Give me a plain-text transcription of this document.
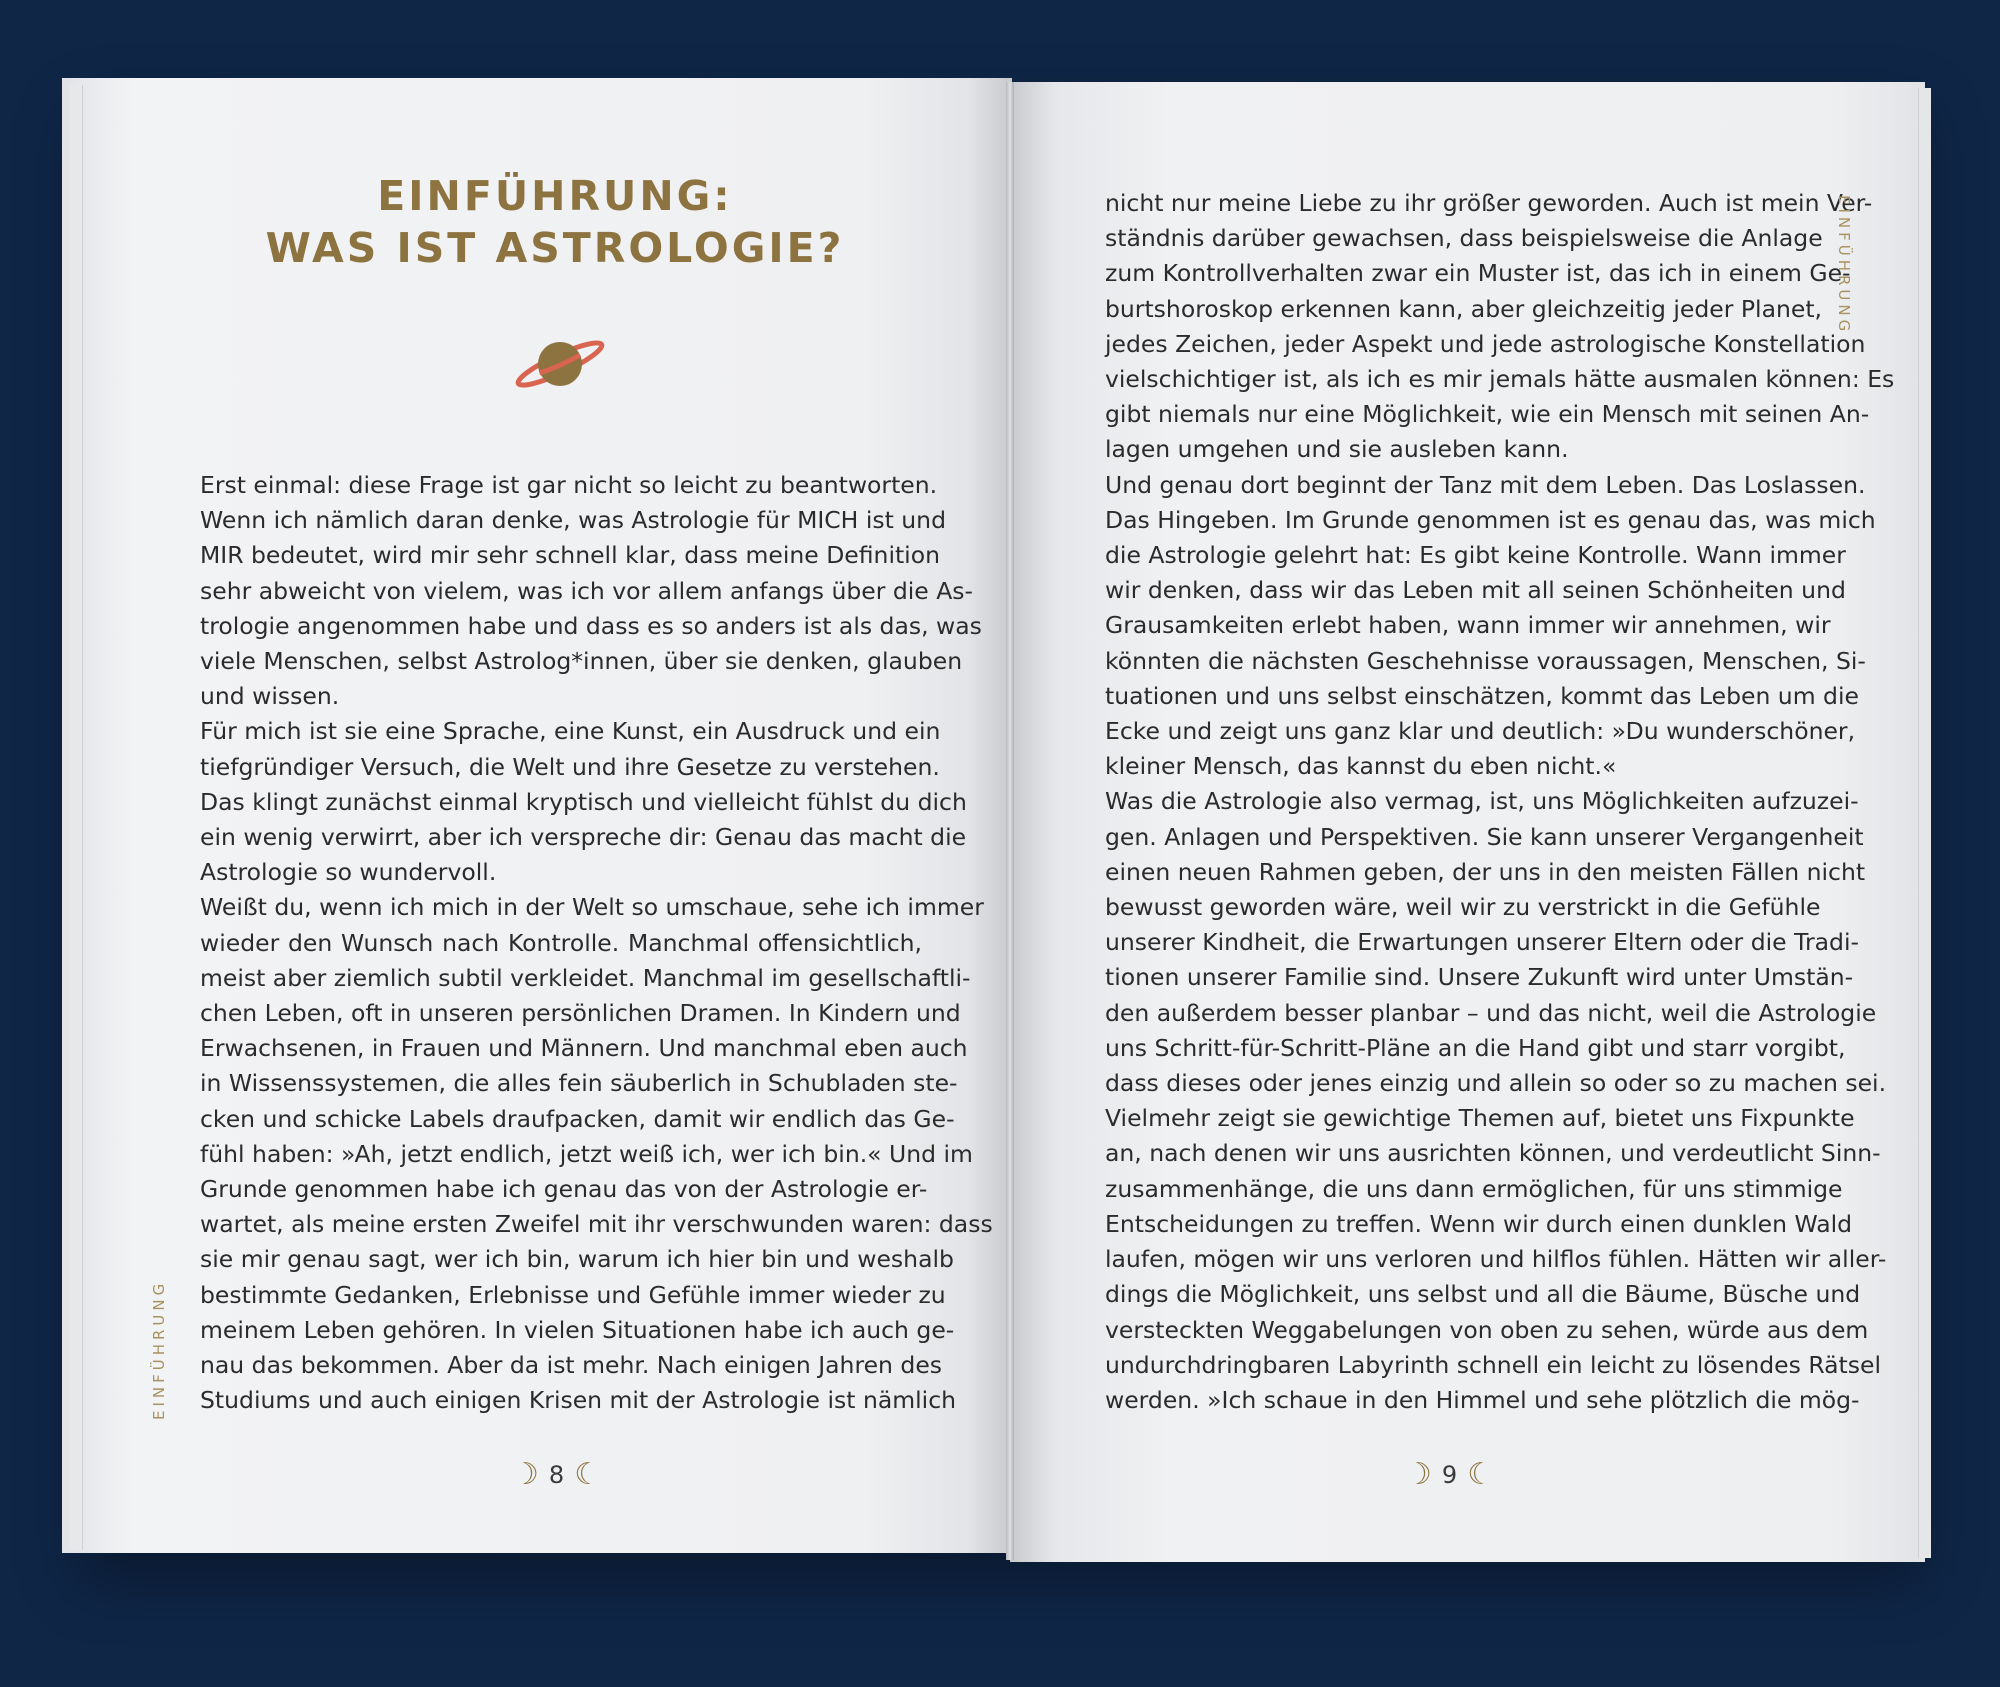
EINFÜHRUNG:
WAS IST ASTROLOGIE?
Erst einmal: diese Frage ist gar nicht so leicht zu beantworten.
Wenn ich nämlich daran denke, was Astrologie für MICH ist und
MIR bedeutet, wird mir sehr schnell klar, dass meine Definition
sehr abweicht von vielem, was ich vor allem anfangs über die As-
trologie angenommen habe und dass es so anders ist als das, was
viele Menschen, selbst Astrolog*innen, über sie denken, glauben
und wissen.
Für mich ist sie eine Sprache, eine Kunst, ein Ausdruck und ein
tiefgründiger Versuch, die Welt und ihre Gesetze zu verstehen.
Das klingt zunächst einmal kryptisch und vielleicht fühlst du dich
ein wenig verwirrt, aber ich verspreche dir: Genau das macht die
Astrologie so wundervoll.
Weißt du, wenn ich mich in der Welt so umschaue, sehe ich immer
wieder den Wunsch nach Kontrolle. Manchmal offensichtlich,
meist aber ziemlich subtil verkleidet. Manchmal im gesellschaftli-
chen Leben, oft in unseren persönlichen Dramen. In Kindern und
Erwachsenen, in Frauen und Männern. Und manchmal eben auch
in Wissenssystemen, die alles fein säuberlich in Schubladen ste-
cken und schicke Labels draufpacken, damit wir endlich das Ge-
fühl haben: »Ah, jetzt endlich, jetzt weiß ich, wer ich bin.« Und im
Grunde genommen habe ich genau das von der Astrologie er-
wartet, als meine ersten Zweifel mit ihr verschwunden waren: dass
sie mir genau sagt, wer ich bin, warum ich hier bin und weshalb
bestimmte Gedanken, Erlebnisse und Gefühle immer wieder zu
meinem Leben gehören. In vielen Situationen habe ich auch ge-
nau das bekommen. Aber da ist mehr. Nach einigen Jahren des
Studiums und auch einigen Krisen mit der Astrologie ist nämlich
nicht nur meine Liebe zu ihr größer geworden. Auch ist mein Ver-
ständnis darüber gewachsen, dass beispielsweise die Anlage
zum Kontrollverhalten zwar ein Muster ist, das ich in einem Ge-
burtshoroskop erkennen kann, aber gleichzeitig jeder Planet,
jedes Zeichen, jeder Aspekt und jede astrologische Konstellation
vielschichtiger ist, als ich es mir jemals hätte ausmalen können: Es
gibt niemals nur eine Möglichkeit, wie ein Mensch mit seinen An-
lagen umgehen und sie ausleben kann.
Und genau dort beginnt der Tanz mit dem Leben. Das Loslassen.
Das Hingeben. Im Grunde genommen ist es genau das, was mich
die Astrologie gelehrt hat: Es gibt keine Kontrolle. Wann immer
wir denken, dass wir das Leben mit all seinen Schönheiten und
Grausamkeiten erlebt haben, wann immer wir annehmen, wir
könnten die nächsten Geschehnisse voraussagen, Menschen, Si-
tuationen und uns selbst einschätzen, kommt das Leben um die
Ecke und zeigt uns ganz klar und deutlich: »Du wunderschöner,
kleiner Mensch, das kannst du eben nicht.«
Was die Astrologie also vermag, ist, uns Möglichkeiten aufzuzei-
gen. Anlagen und Perspektiven. Sie kann unserer Vergangenheit
einen neuen Rahmen geben, der uns in den meisten Fällen nicht
bewusst geworden wäre, weil wir zu verstrickt in die Gefühle
unserer Kindheit, die Erwartungen unserer Eltern oder die Tradi-
tionen unserer Familie sind. Unsere Zukunft wird unter Umstän-
den außerdem besser planbar – und das nicht, weil die Astrologie
uns Schritt-für-Schritt-Pläne an die Hand gibt und starr vorgibt,
dass dieses oder jenes einzig und allein so oder so zu machen sei.
Vielmehr zeigt sie gewichtige Themen auf, bietet uns Fixpunkte
an, nach denen wir uns ausrichten können, und verdeutlicht Sinn-
zusammenhänge, die uns dann ermöglichen, für uns stimmige
Entscheidungen zu treffen. Wenn wir durch einen dunklen Wald
laufen, mögen wir uns verloren und hilflos fühlen. Hätten wir aller-
dings die Möglichkeit, uns selbst und all die Bäume, Büsche und
versteckten Weggabelungen von oben zu sehen, würde aus dem
undurchdringbaren Labyrinth schnell ein leicht zu lösendes Rätsel
werden. »Ich schaue in den Himmel und sehe plötzlich die mög-
EINFÜHRUNG
EINFÜHRUNG
☽ 8 ☾	☽ 9 ☾
